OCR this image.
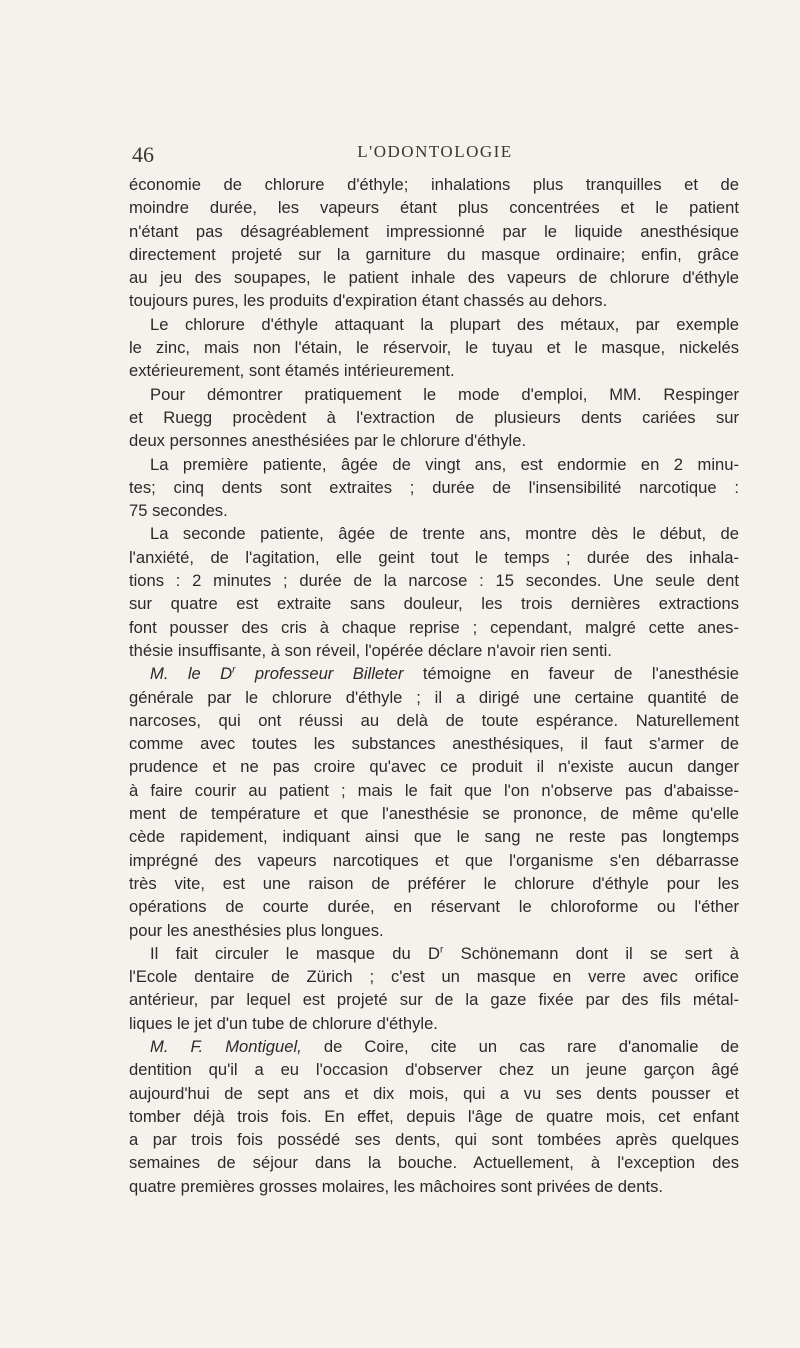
46	L'ODONTOLOGIE
économie de chlorure d'éthyle; inhalations plus tranquilles et de
moindre durée, les vapeurs étant plus concentrées et le patient
n'étant pas désagréablement impressionné par le liquide anesthésique
directement projeté sur la garniture du masque ordinaire; enfin, grâce
au jeu des soupapes, le patient inhale des vapeurs de chlorure d'éthyle
toujours pures, les produits d'expiration étant chassés au dehors.
Le chlorure d'éthyle attaquant la plupart des métaux, par exemple
le zinc, mais non l'étain, le réservoir, le tuyau et le masque, nickelés
extérieurement, sont étamés intérieurement.
Pour démontrer pratiquement le mode d'emploi, MM. Respinger
et Ruegg procèdent à l'extraction de plusieurs dents cariées sur
deux personnes anesthésiées par le chlorure d'éthyle.
La première patiente, âgée de vingt ans, est endormie en 2 minu-
tes; cinq dents sont extraites ; durée de l'insensibilité narcotique :
75 secondes.
La seconde patiente, âgée de trente ans, montre dès le début, de
l'anxiété, de l'agitation, elle geint tout le temps ; durée des inhala-
tions : 2 minutes ; durée de la narcose : 15 secondes. Une seule dent
sur quatre est extraite sans douleur, les trois dernières extractions
font pousser des cris à chaque reprise ; cependant, malgré cette anes-
thésie insuffisante, à son réveil, l'opérée déclare n'avoir rien senti.
M. le $D^r$ professeur Billeter témoigne en faveur de l'anesthésie
générale par le chlorure d'éthyle ; il a dirigé une certaine quantité de
narcoses, qui ont réussi au delà de toute espérance. Naturellement
comme avec toutes les substances anesthésiques, il faut s'armer de
prudence et ne pas croire qu'avec ce produit il n'existe aucun danger
à faire courir au patient ; mais le fait que l'on n'observe pas d'abaisse-
ment de température et que l'anesthésie se prononce, de même qu'elle
cède rapidement, indiquant ainsi que le sang ne reste pas longtemps
imprégné des vapeurs narcotiques et que l'organisme s'en débarrasse
très vite, est une raison de préférer le chlorure d'éthyle pour les
opérations de courte durée, en réservant le chloroforme ou l'éther
pour les anesthésies plus longues.
Il fait circuler le masque du $D^r$ Schönemann dont il se sert à
l'Ecole dentaire de Zürich ; c'est un masque en verre avec orifice
antérieur, par lequel est projeté sur de la gaze fixée par des fils métal-
liques le jet d'un tube de chlorure d'éthyle.
M. F. Montiguel, de Coire, cite un cas rare d'anomalie de
dentition qu'il a eu l'occasion d'observer chez un jeune garçon âgé
aujourd'hui de sept ans et dix mois, qui a vu ses dents pousser et
tomber déjà trois fois. En effet, depuis l'âge de quatre mois, cet enfant
a par trois fois possédé ses dents, qui sont tombées après quelques
semaines de séjour dans la bouche. Actuellement, à l'exception des
quatre premières grosses molaires, les mâchoires sont privées de dents.
